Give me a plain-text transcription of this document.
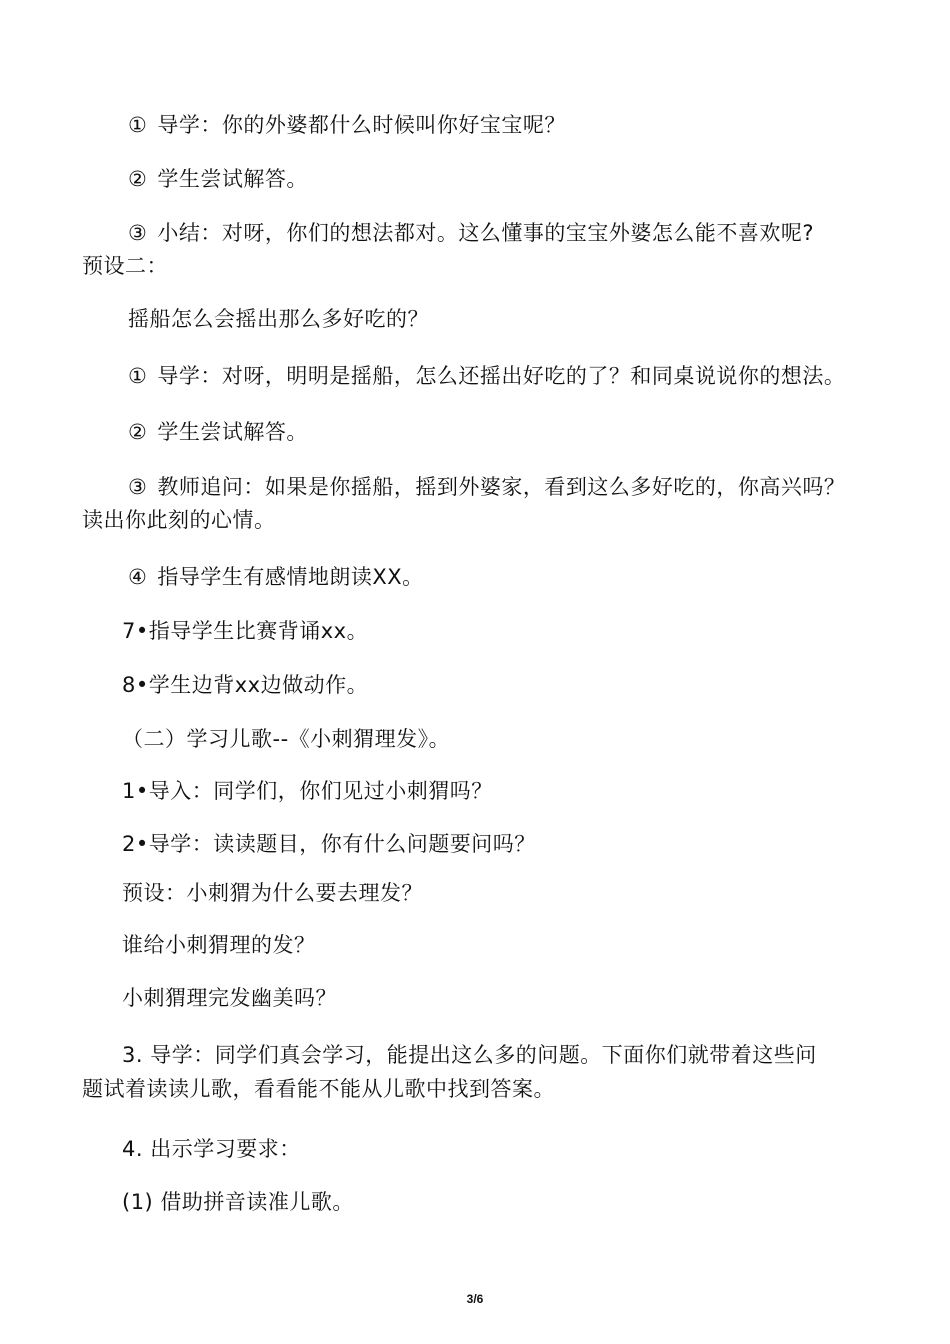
① 导学：你的外婆都什么时候叫你好宝宝呢？
② 学生尝试解答。
③ 小结：对呀，你们的想法都对。这么懂事的宝宝外婆怎么能不喜欢呢?
预设二：
摇船怎么会摇出那么多好吃的？
① 导学：对呀，明明是摇船，怎么还摇出好吃的了？和同桌说说你的想法。
② 学生尝试解答。
③ 教师追问：如果是你摇船，摇到外婆家，看到这么多好吃的，你高兴吗？
读出你此刻的心情。
④ 指导学生有感情地朗读XX。
7•指导学生比赛背诵xx。
8•学生边背xx边做动作。
（二）学习儿歌--《小刺猬理发》。
1•导入：同学们，你们见过小刺猬吗？
2•导学：读读题目，你有什么问题要问吗？
预设：小刺猬为什么要去理发？
谁给小刺猬理的发？
小刺猬理完发幽美吗？
3. 导学：同学们真会学习，能提出这么多的问题。下面你们就带着这些问
题试着读读儿歌，看看能不能从儿歌中找到答案。
4. 出示学习要求：
(1) 借助拼音读准儿歌。
3/6
